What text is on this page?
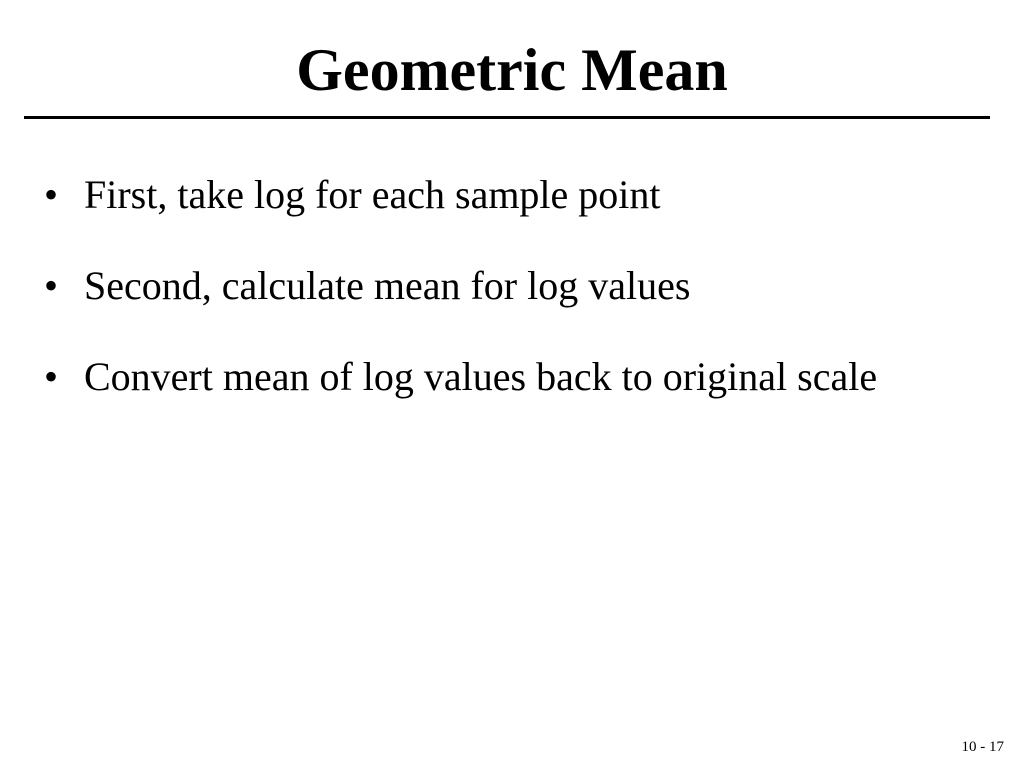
Geometric Mean
• First, take log for each sample point
• Second, calculate mean for log values
• Convert mean of log values back to original scale
10 - 17
